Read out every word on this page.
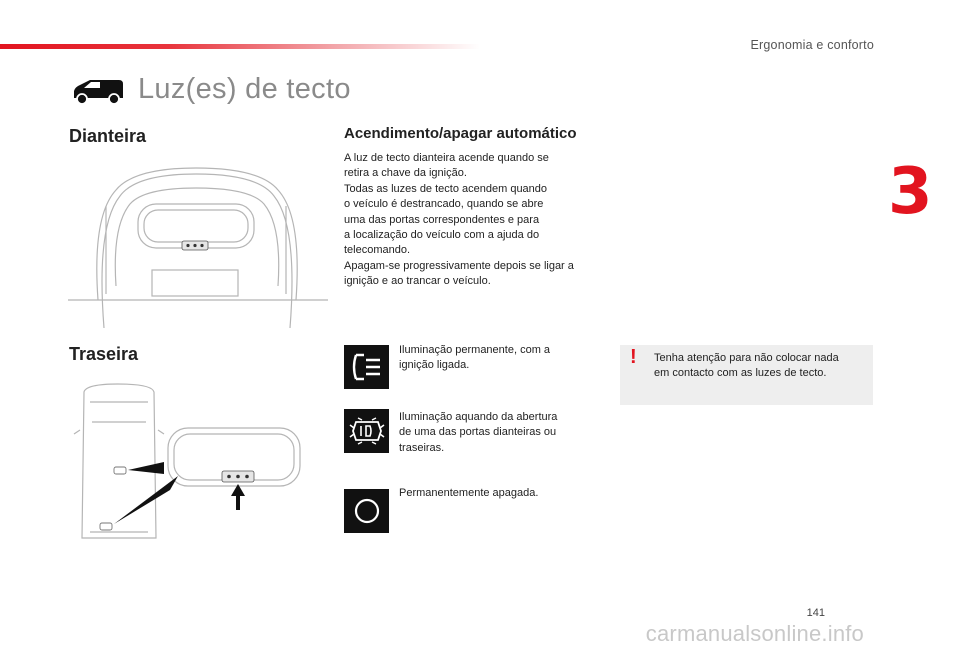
Ergonomia e conforto
3
Luz(es) de tecto
Dianteira
Traseira
Acendimento/apagar automático
A luz de tecto dianteira acende quando se
retira a chave da ignição.
Todas as luzes de tecto acendem quando
o veículo é destrancado, quando se abre
uma das portas correspondentes e para
a localização do veículo com a ajuda do
telecomando.
Apagam-se progressivamente depois se ligar a
ignição e ao trancar o veículo.
Iluminação permanente, com a
ignição ligada.
Iluminação aquando da abertura
de uma das portas dianteiras ou
traseiras.
Permanentemente apagada.
! Tenha atenção para não colocar nada
em contacto com as luzes de tecto.
141
carmanualsonline.info
